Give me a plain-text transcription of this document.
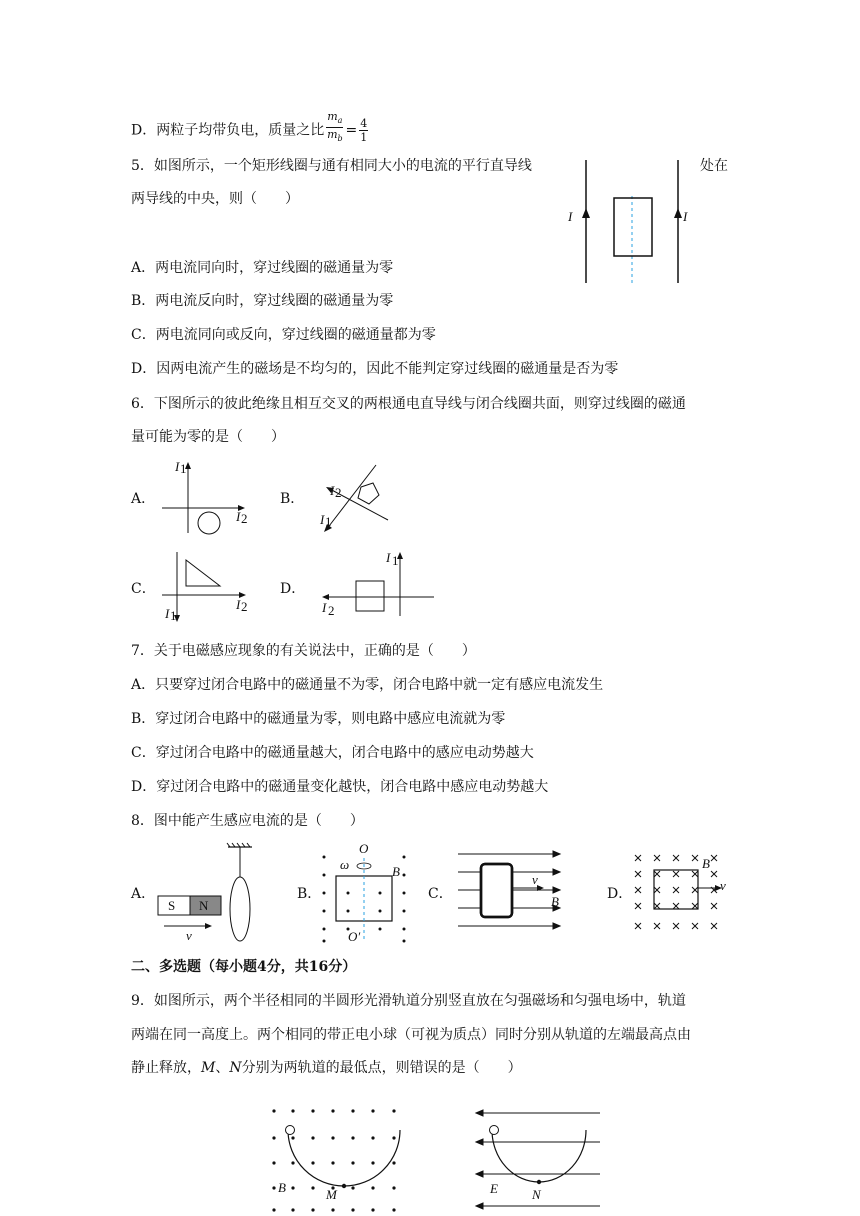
D．两粒子均带负电，质量之比 $\frac{m_a}{m_b} = \frac{4}{1}$
5．如图所示，一个矩形线圈与通有相同大小的电流的平行直导线	处在
两导线的中央，则（　　）
I	I
A．两电流同向时，穿过线圈的磁通量为零
B．两电流反向时，穿过线圈的磁通量为零
C．两电流同向或反向，穿过线圈的磁通量都为零
D．因两电流产生的磁场是不均匀的，因此不能判定穿过线圈的磁通量是否为零
6．下图所示的彼此绝缘且相互交叉的两根通电直导线与闭合线圈共面，则穿过线圈的磁通
量可能为零的是（　　）
A．
I 1
I 2
B．
I 2
I 1
C．
I 1
I 2
D．
I 1
I 2
7．关于电磁感应现象的有关说法中，正确的是（　　）
A．只要穿过闭合电路中的磁通量不为零，闭合电路中就一定有感应电流发生
B．穿过闭合电路中的磁通量为零，则电路中感应电流就为零
C．穿过闭合电路中的磁通量越大，闭合电路中的感应电动势越大
D．穿过闭合电路中的磁通量变化越快，闭合电路中感应电动势越大
8．图中能产生感应电流的是（　　）
A．
S N
v
B．
O
O′
ω	B
C．
v
B	D．
B
v
二、多选题（每小题4分，共16分）
9．如图所示，两个半径相同的半圆形光滑轨道分别竖直放在匀强磁场和匀强电场中，轨道
两端在同一高度上。两个相同的带正电小球（可视为质点）同时分别从轨道的左端最高点由
静止释放，M、N分别为两轨道的最低点，则错误的是（　　）
B	M	E	N
